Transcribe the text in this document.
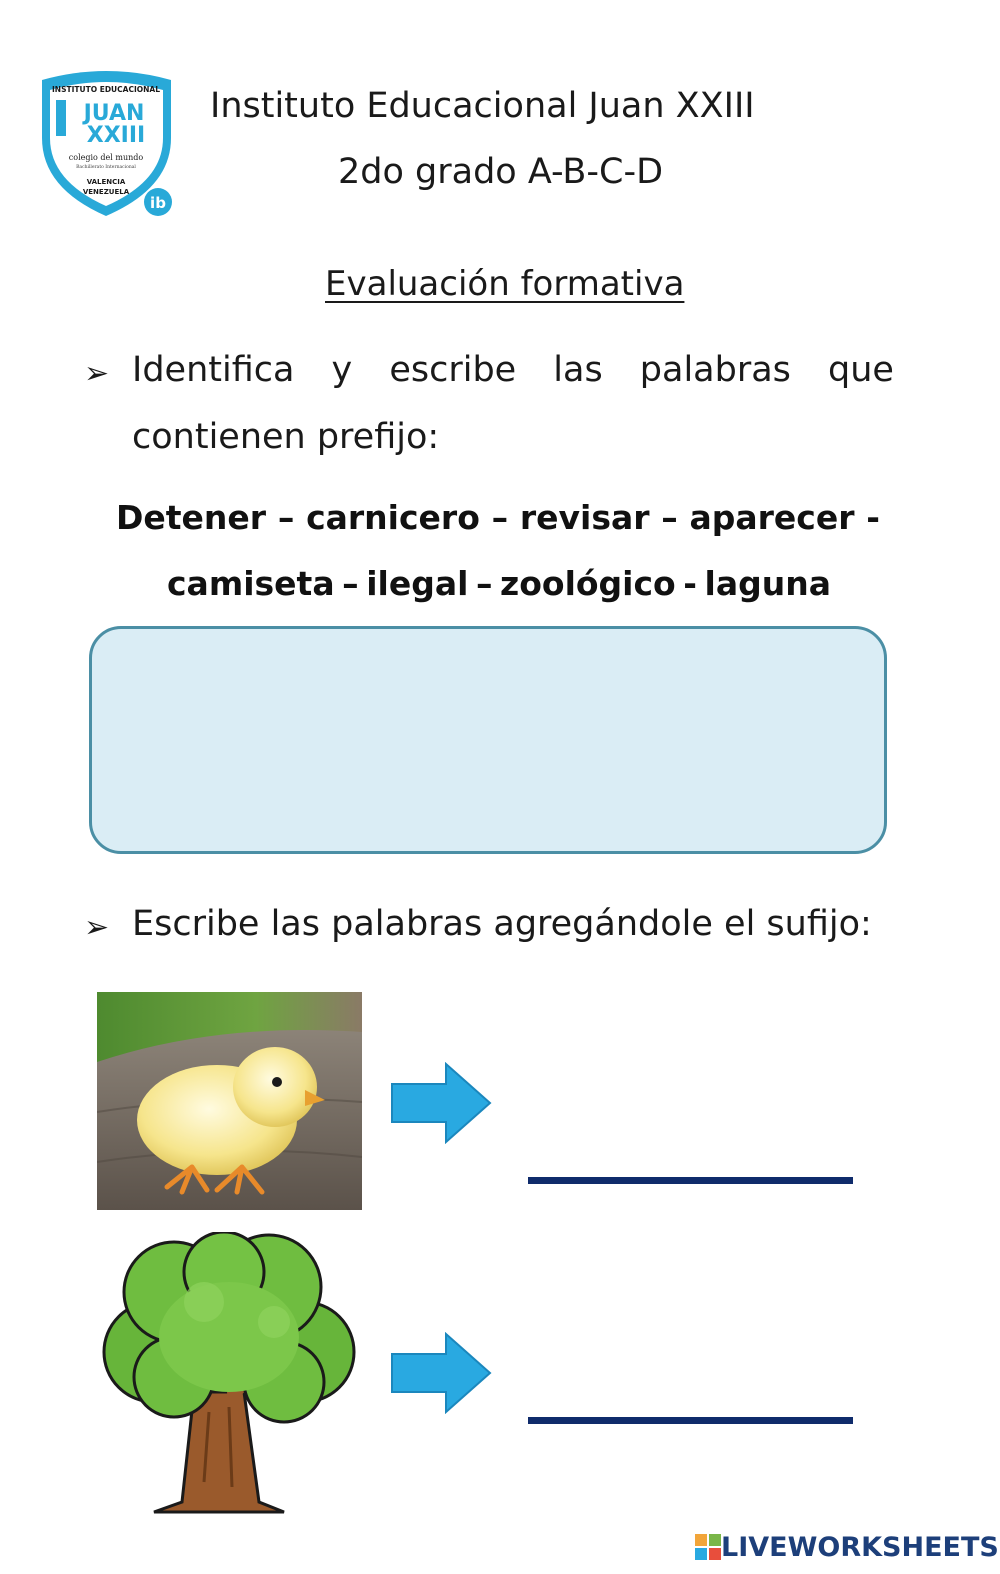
INSTITUTO EDUCACIONAL
JUAN
XXIII
colegio del mundo
Bachillerato Internacional
VALENCIA
VENEZUELA
ib
Instituto Educacional Juan XXIII
2do grado A-B-C-D
Evaluación formativa
➢ Identifica y escribe las palabras que
contienen prefijo:
Detener – carnicero – revisar – aparecer -
camiseta – ilegal – zoológico - laguna
➢ Escribe las palabras agregándole el sufijo:
LIVEWORKSHEETS
